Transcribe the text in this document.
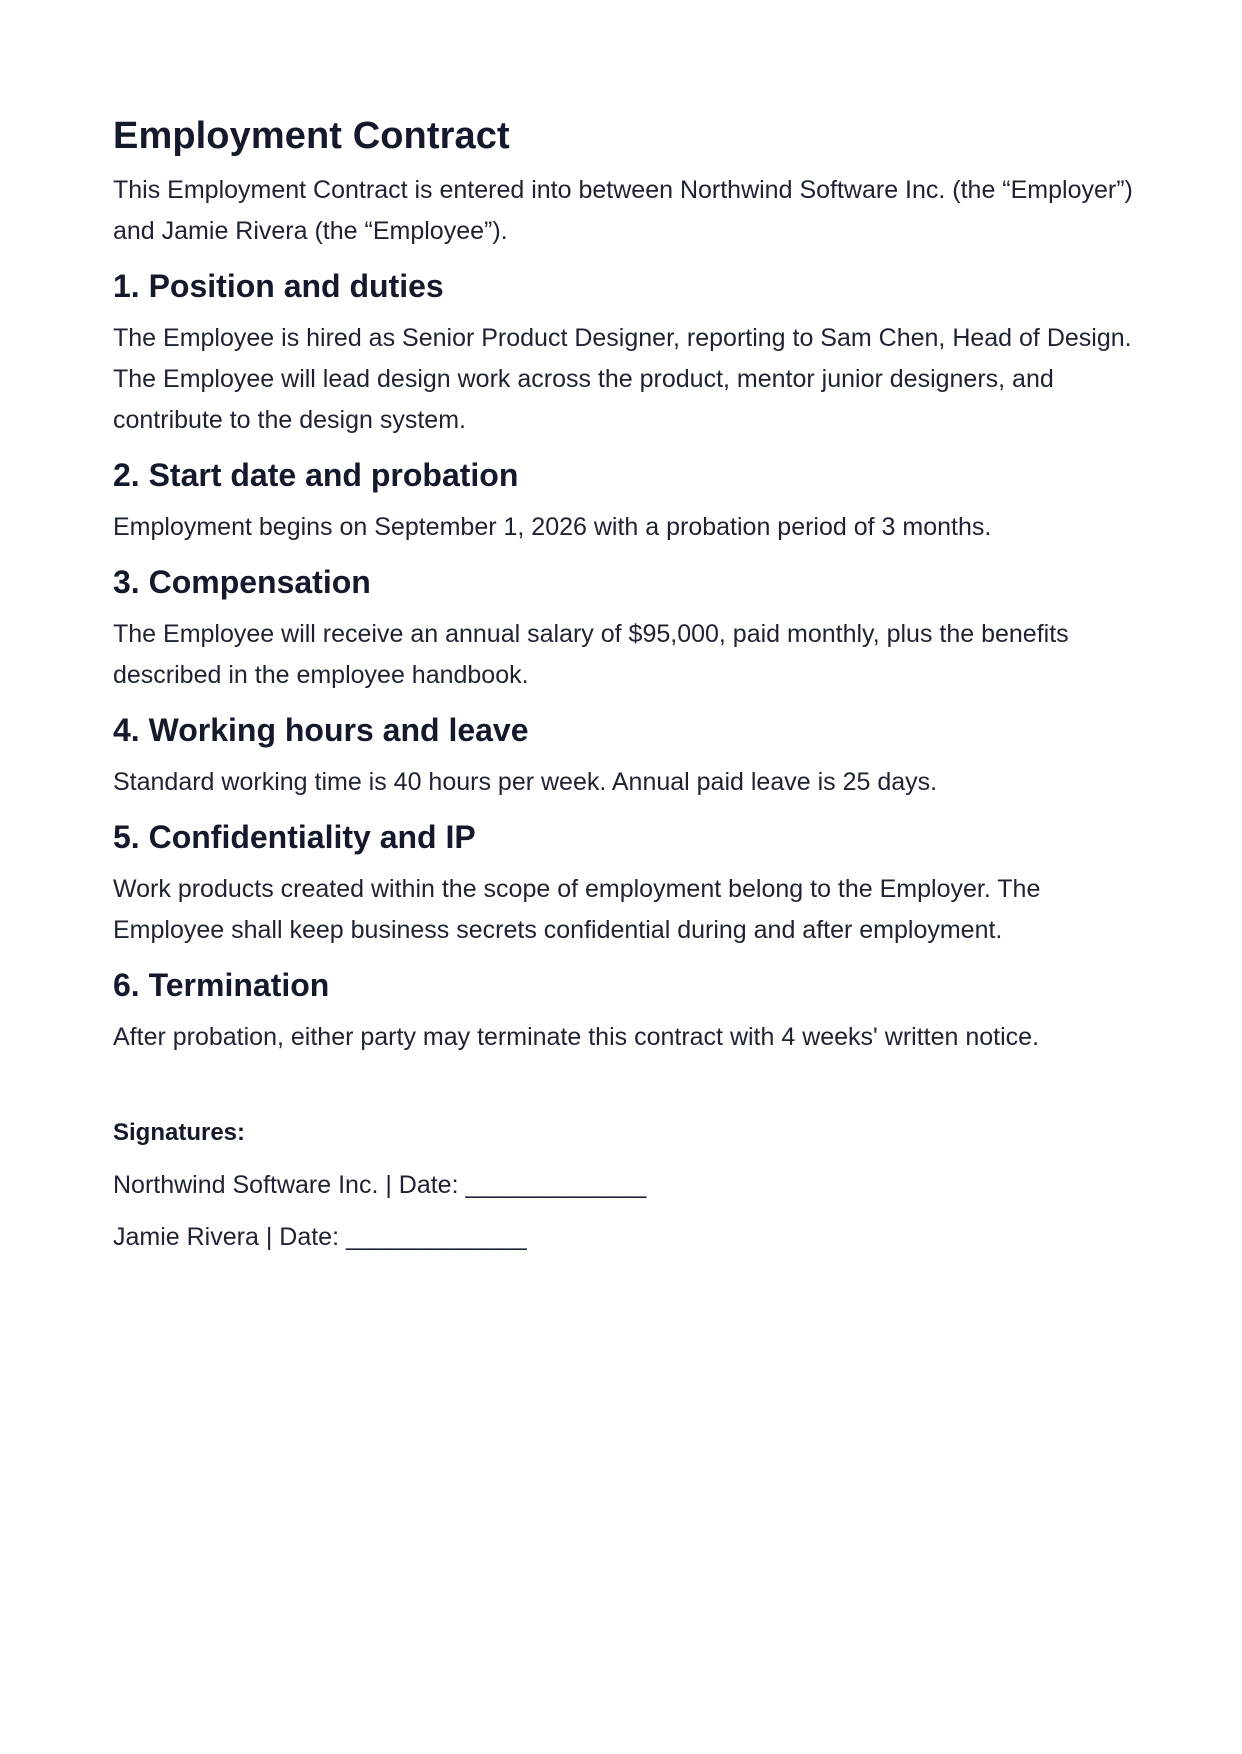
Employment Contract

This Employment Contract is entered into between Northwind Software Inc. (the “Employer”) and Jamie Rivera (the “Employee”).

1. Position and duties

The Employee is hired as Senior Product Designer, reporting to Sam Chen, Head of Design. The Employee will lead design work across the product, mentor junior designers, and contribute to the design system.

2. Start date and probation

Employment begins on September 1, 2026 with a probation period of 3 months.

3. Compensation

The Employee will receive an annual salary of $95,000, paid monthly, plus the benefits described in the employee handbook.

4. Working hours and leave

Standard working time is 40 hours per week. Annual paid leave is 25 days.

5. Confidentiality and IP

Work products created within the scope of employment belong to the Employer. The Employee shall keep business secrets confidential during and after employment.

6. Termination

After probation, either party may terminate this contract with 4 weeks' written notice.

Signatures:

Northwind Software Inc. | Date: _____________

Jamie Rivera | Date: _____________
